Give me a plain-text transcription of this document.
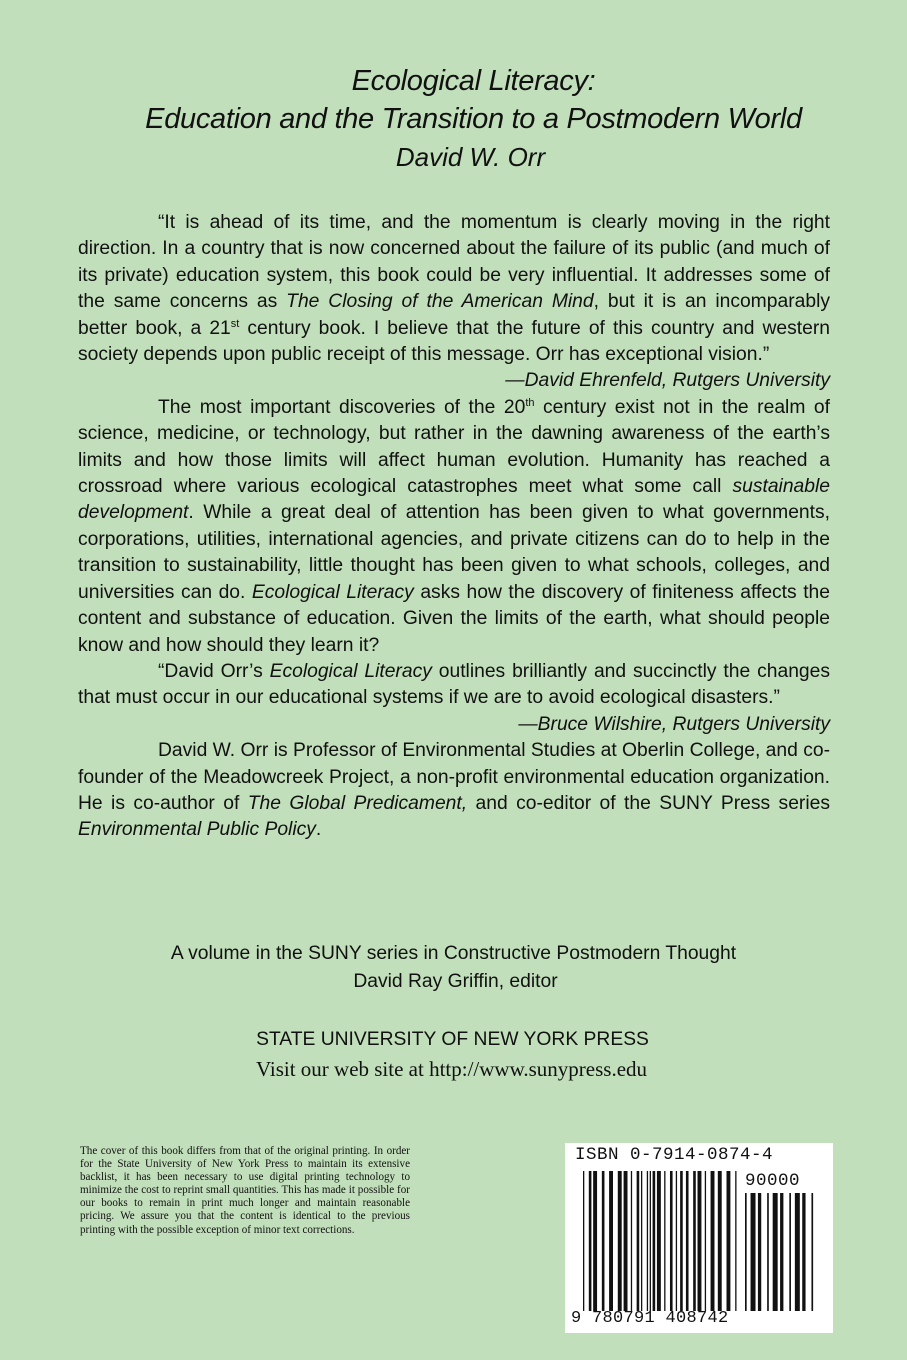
Ecological Literacy:
Education and the Transition to a Postmodern World
David W. Orr

“It is ahead of its time, and the momentum is clearly moving in the right direction. In a country that is now concerned about the failure of its public (and much of its private) education system, this book could be very influential. It addresses some of the same concerns as The Closing of the American Mind, but it is an incomparably better book, a 21st century book. I believe that the future of this country and western society depends upon public receipt of this message. Orr has exceptional vision.”

—David Ehrenfeld, Rutgers University

The most important discoveries of the 20th century exist not in the realm of science, medicine, or technology, but rather in the dawning awareness of the earth’s limits and how those limits will affect human evolution. Humanity has reached a crossroad where various ecological catastrophes meet what some call sustainable development. While a great deal of attention has been given to what governments, corporations, utilities, international agencies, and private citizens can do to help in the transition to sustainability, little thought has been given to what schools, colleges, and universities can do. Ecological Literacy asks how the discovery of finiteness affects the content and substance of education. Given the limits of the earth, what should people know and how should they learn it?

“David Orr’s Ecological Literacy outlines brilliantly and succinctly the changes that must occur in our educational systems if we are to avoid ecological disasters.”

—Bruce Wilshire, Rutgers University

David W. Orr is Professor of Environmental Studies at Oberlin College, and co-founder of the Meadowcreek Project, a non-profit environmental education organization. He is co-author of The Global Predicament, and co-editor of the SUNY Press series Environmental Public Policy.

A volume in the SUNY series in Constructive Postmodern Thought
David Ray Griffin, editor
STATE UNIVERSITY OF NEW YORK PRESS
Visit our web site at http://www.sunypress.edu
The cover of this book differs from that of the original printing. In order for the State University of New York Press to maintain its extensive backlist, it has been necessary to use digital printing technology to minimize the cost to reprint small quantities. This has made it possible for our books to remain in print much longer and maintain reasonable pricing. We assure you that the content is identical to the previous printing with the possible exception of minor text corrections.
ISBN 0-7914-0874-4
90000
9 780791 408742
